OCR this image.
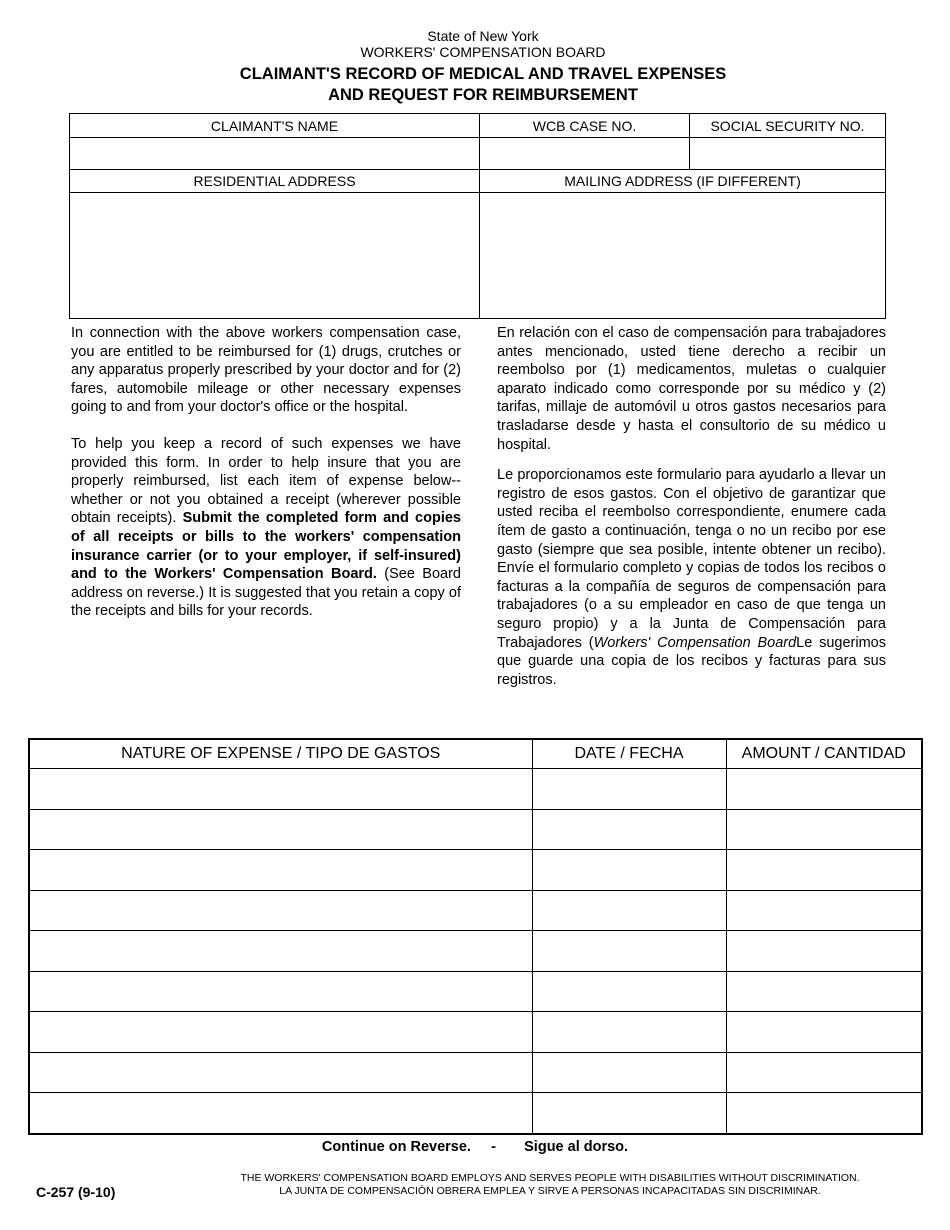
State of New York
WORKERS' COMPENSATION BOARD
CLAIMANT'S RECORD OF MEDICAL AND TRAVEL EXPENSES
AND REQUEST FOR REIMBURSEMENT
CLAIMANT'S NAME	WCB CASE NO.	SOCIAL SECURITY NO.

RESIDENTIAL ADDRESS	MAILING ADDRESS (IF DIFFERENT)	

In connection with the above workers compensation case, you are entitled to be reimbursed for (1) drugs, crutches or any apparatus properly prescribed by your doctor and for (2) fares, automobile mileage or other necessary expenses going to and from your doctor's office or the hospital.

To help you keep a record of such expenses we have provided this form. In order to help insure that you are properly reimbursed, list each item of expense below--whether or not you obtained a receipt (wherever possible obtain receipts). Submit the completed form and copies of all receipts or bills to the workers' compensation insurance carrier (or to your employer, if self-insured) and to the Workers' Compensation Board. (See Board address on reverse.) It is suggested that you retain a copy of the receipts and bills for your records.

En relación con el caso de compensación para trabajadores antes mencionado, usted tiene derecho a recibir un reembolso por (1) medicamentos, muletas o cualquier aparato indicado como corresponde por su médico y (2) tarifas, millaje de automóvil u otros gastos necesarios para trasladarse desde y hasta el consultorio de su médico u hospital.

Le proporcionamos este formulario para ayudarlo a llevar un registro de esos gastos. Con el objetivo de garantizar que usted reciba el reembolso correspondiente, enumere cada ítem de gasto a continuación, tenga o no un recibo por ese gasto (siempre que sea posible, intente obtener un recibo). Envíe el formulario completo y copias de todos los recibos o facturas a la compañía de seguros de compensación para trabajadores (o a su empleador en caso de que tenga un seguro propio) y a la Junta de Compensación para Trabajadores (Workers' Compensation BoardLe sugerimos que guarde una copia de los recibos y facturas para sus registros.

NATURE OF EXPENSE / TIPO DE GASTOS	DATE / FECHA	AMOUNT / CANTIDAD

Continue on Reverse.     -       Sigue al dorso.
C-257 (9-10)
THE WORKERS' COMPENSATION BOARD EMPLOYS AND SERVES PEOPLE WITH DISABILITIES WITHOUT DISCRIMINATION.
LA JUNTA DE COMPENSACIÓN OBRERA EMPLEA Y SIRVE A PERSONAS INCAPACITADAS SIN DISCRIMINAR.
